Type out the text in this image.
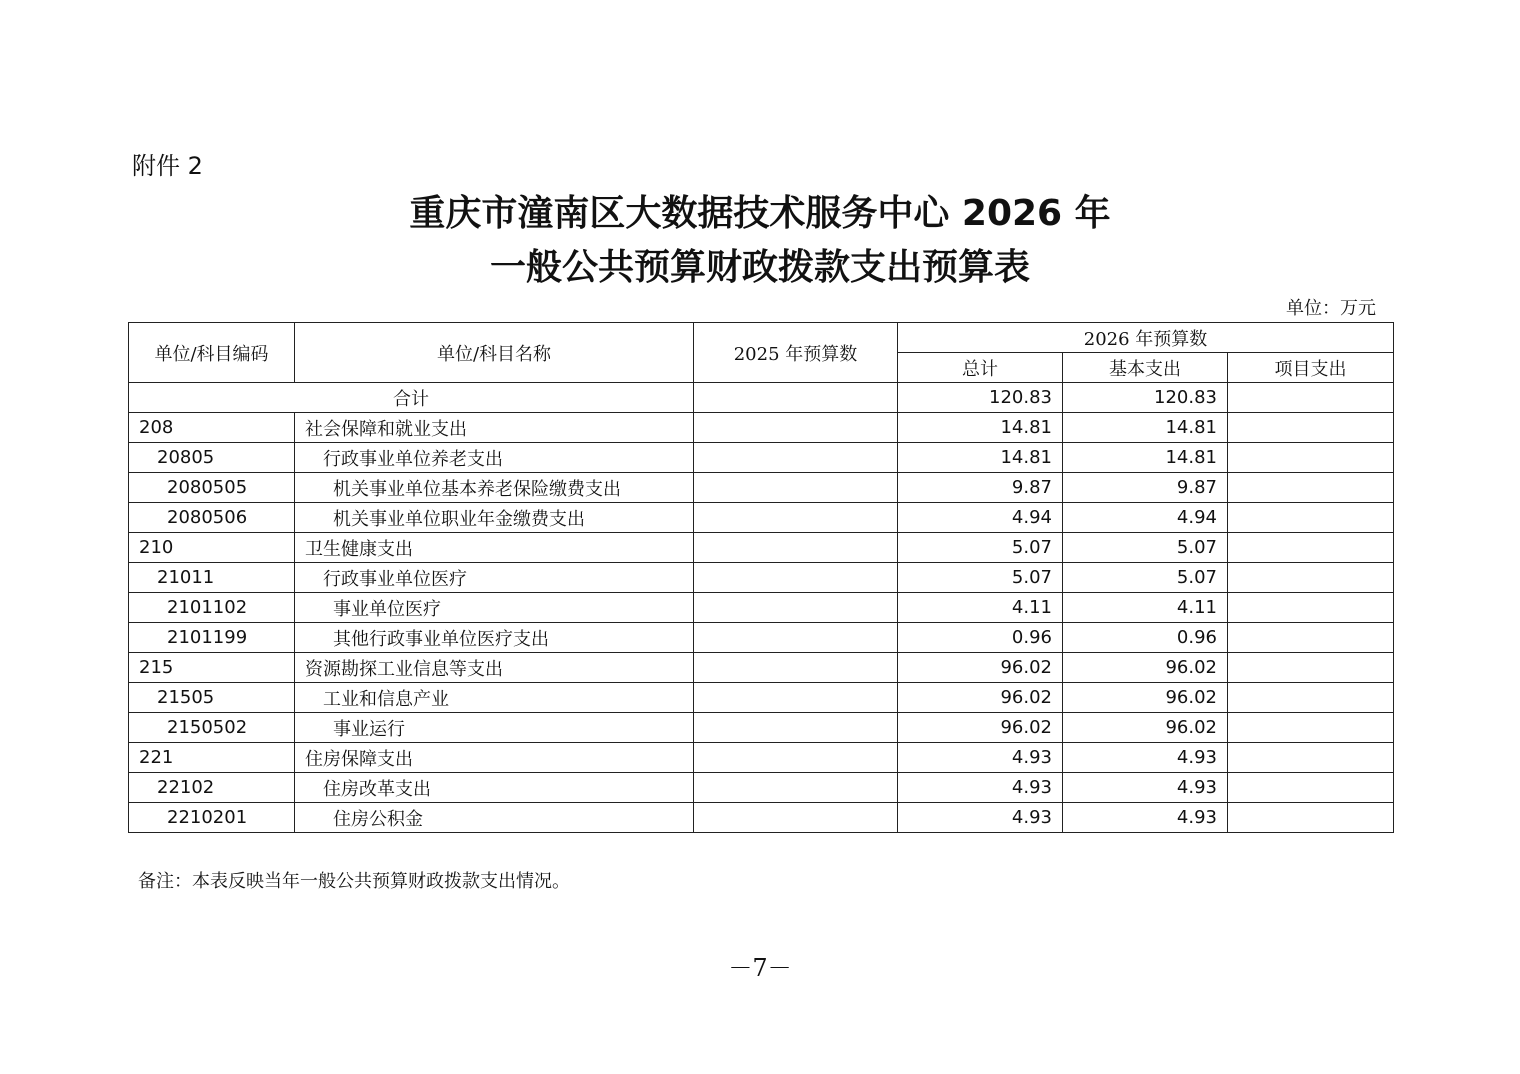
附件 2
重庆市潼南区大数据技术服务中心 2026 年
一般公共预算财政拨款支出预算表
单位：万元
单位/科目编码	单位/科目名称	2025 年预算数	2026 年预算数		
			总计	基本支出	项目支出
合计			120.83	120.83	
208	社会保障和就业支出		14.81	14.81	
20805	行政事业单位养老支出		14.81	14.81	
2080505	机关事业单位基本养老保险缴费支出		9.87	9.87	
2080506	机关事业单位职业年金缴费支出		4.94	4.94	
210	卫生健康支出		5.07	5.07	
21011	行政事业单位医疗		5.07	5.07	
2101102	事业单位医疗		4.11	4.11	
2101199	其他行政事业单位医疗支出		0.96	0.96	
215	资源勘探工业信息等支出		96.02	96.02	
21505	工业和信息产业		96.02	96.02	
2150502	事业运行		96.02	96.02	
221	住房保障支出		4.93	4.93	
22102	住房改革支出		4.93	4.93	
2210201	住房公积金		4.93	4.93	
备注：本表反映当年一般公共预算财政拨款支出情况。
－7－
